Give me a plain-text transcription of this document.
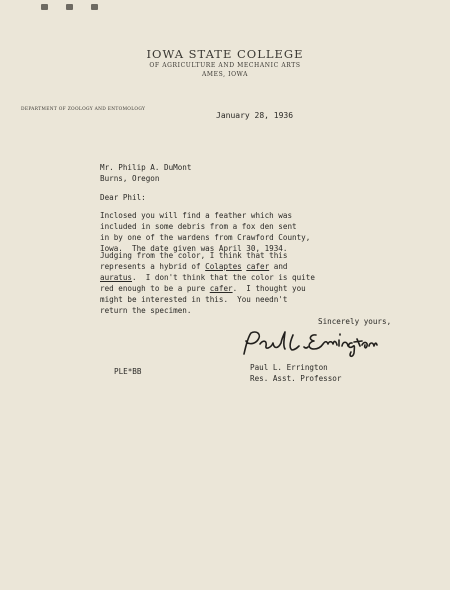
IOWA STATE COLLEGE
OF AGRICULTURE AND MECHANIC ARTS
AMES, IOWA
DEPARTMENT OF ZOOLOGY AND ENTOMOLOGY
January 28, 1936
Mr. Philip A. DuMont
Burns, Oregon
Dear Phil:
Inclosed you will find a feather which was
included in some debris from a fox den sent
in by one of the wardens from Crawford County,
Iowa.  The date given was April 30, 1934.
Judging from the color, I think that this
represents a hybrid of Colaptes cafer and
auratus.  I don't think that the color is quite
red enough to be a pure cafer.  I thought you
might be interested in this.  You needn't
return the specimen.
Sincerely yours,
Paul L. Errington
Res. Asst. Professor
PLE*BB
